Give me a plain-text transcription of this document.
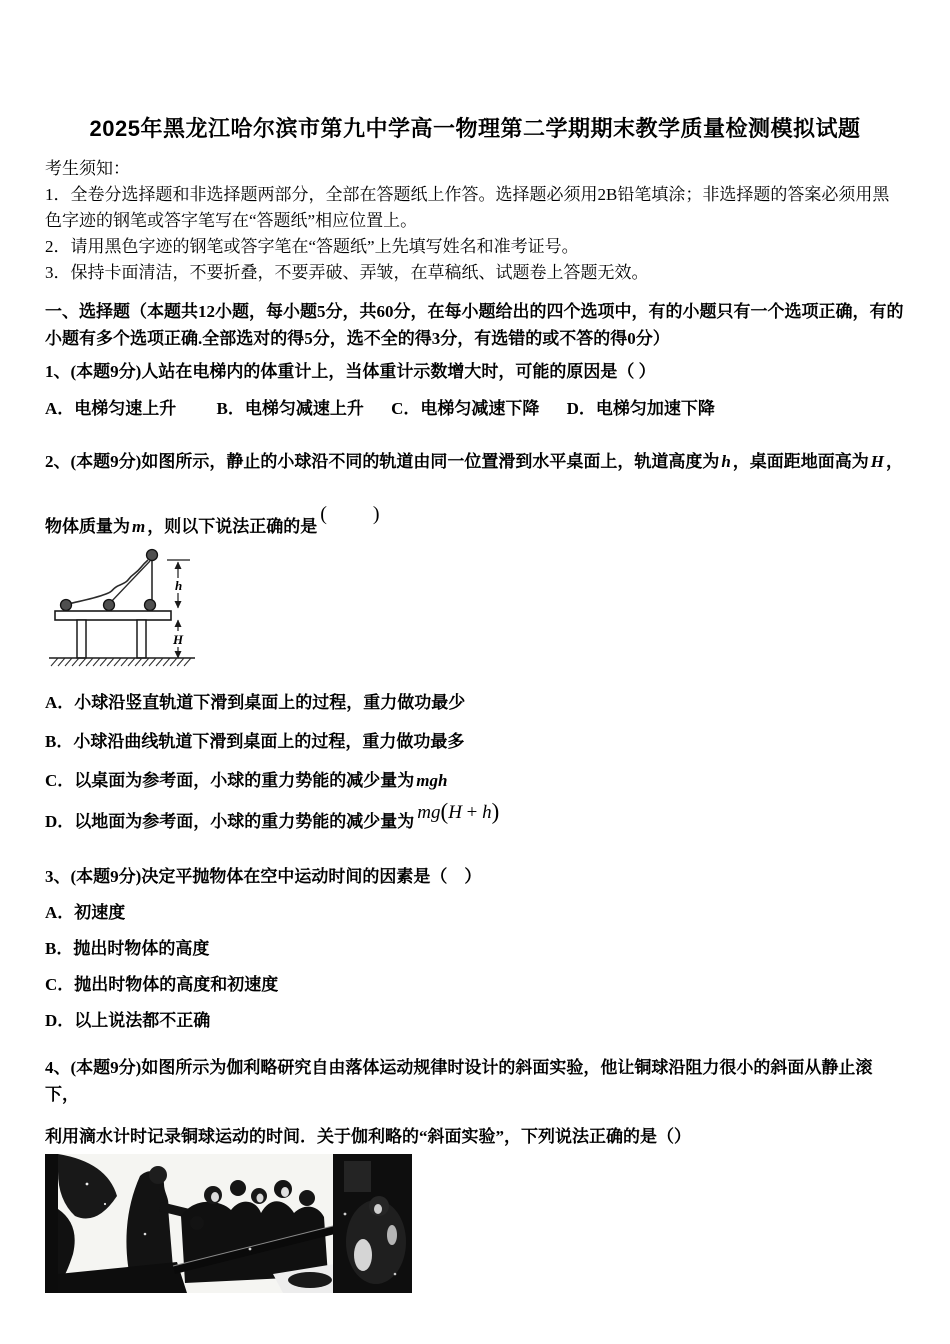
2025年黑龙江哈尔滨市第九中学高一物理第二学期期末教学质量检测模拟试题

考生须知：

1．全卷分选择题和非选择题两部分，全部在答题纸上作答。选择题必须用2B铅笔填涂；非选择题的答案必须用黑色字迹的钢笔或答字笔写在“答题纸”相应位置上。

2．请用黑色字迹的钢笔或答字笔在“答题纸”上先填写姓名和准考证号。

3．保持卡面清洁，不要折叠，不要弄破、弄皱，在草稿纸、试题卷上答题无效。

一、选择题（本题共12小题，每小题5分，共60分，在每小题给出的四个选项中，有的小题只有一个选项正确，有的小题有多个选项正确.全部选对的得5分，选不全的得3分，有选错的或不答的得0分）

1、(本题9分)人站在电梯内的体重计上，当体重计示数增大时，可能的原因是（ ）

A．电梯匀速上升 B．电梯匀减速上升 C．电梯匀减速下降 D．电梯匀加速下降

2、(本题9分)如图所示，静止的小球沿不同的轨道由同一位置滑到水平桌面上，轨道高度为 h ，桌面距地面高为 H ，

物体质量为 m ，则以下说法正确的是(　　)

h
H

A．小球沿竖直轨道下滑到桌面上的过程，重力做功最少

B．小球沿曲线轨道下滑到桌面上的过程，重力做功最多

C．以桌面为参考面，小球的重力势能的减少量为 mgh

D．以地面为参考面，小球的重力势能的减少量为 mg(H + h)

3、(本题9分)决定平抛物体在空中运动时间的因素是（　）

A．初速度

B．抛出时物体的高度

C．抛出时物体的高度和初速度

D．以上说法都不正确

4、(本题9分)如图所示为伽利略研究自由落体运动规律时设计的斜面实验，他让铜球沿阻力很小的斜面从静止滚下，

利用滴水计时记录铜球运动的时间．关于伽利略的“斜面实验”，下列说法正确的是（）
